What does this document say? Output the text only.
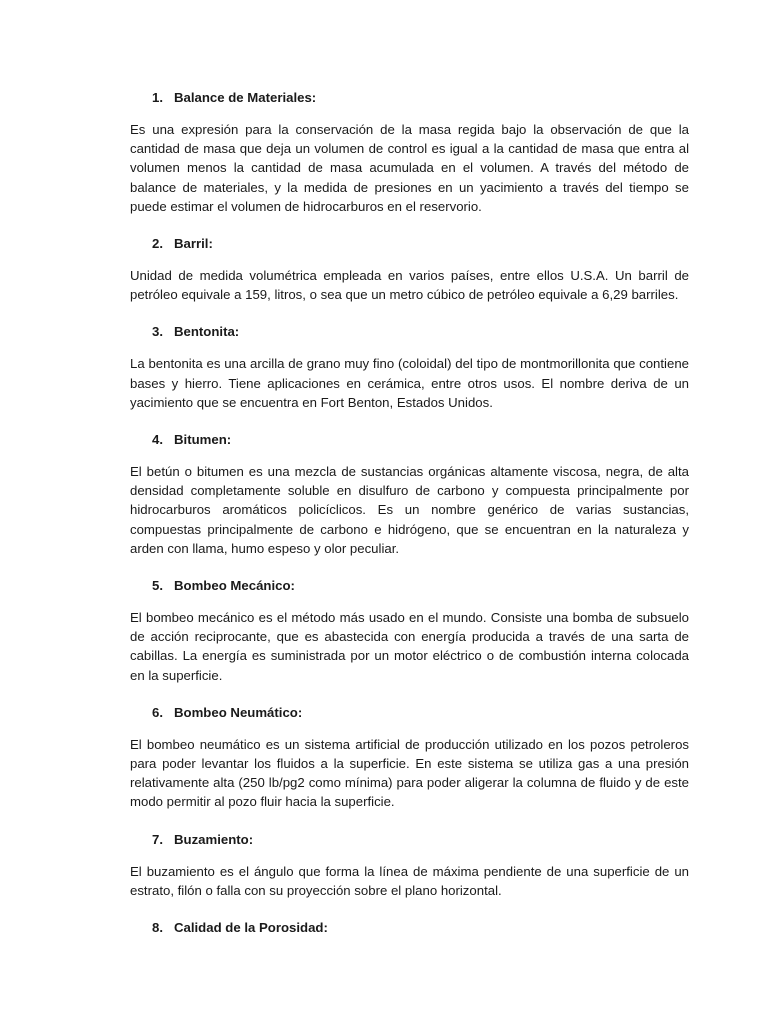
1. Balance de Materiales:

Es una expresión para la conservación de la masa regida bajo la observación de que la cantidad de masa que deja un volumen de control es igual a la cantidad de masa que entra al volumen menos la cantidad de masa acumulada en el volumen. A través del método de balance de materiales, y la medida de presiones en un yacimiento a través del tiempo se puede estimar el volumen de hidrocarburos en el reservorio.

2. Barril:

Unidad de medida volumétrica empleada en varios países, entre ellos U.S.A. Un barril de petróleo equivale a 159, litros, o sea que un metro cúbico de petróleo equivale a 6,29 barriles.

3. Bentonita:

La bentonita es una arcilla de grano muy fino (coloidal) del tipo de montmorillonita que contiene bases y hierro. Tiene aplicaciones en cerámica, entre otros usos. El nombre deriva de un yacimiento que se encuentra en Fort Benton, Estados Unidos.

4. Bitumen:

El betún o bitumen es una mezcla de sustancias orgánicas altamente viscosa, negra, de alta densidad completamente soluble en disulfuro de carbono y compuesta principalmente por hidrocarburos aromáticos policíclicos. Es un nombre genérico de varias sustancias, compuestas principalmente de carbono e hidrógeno, que se encuentran en la naturaleza y arden con llama, humo espeso y olor peculiar.

5. Bombeo Mecánico:

El bombeo mecánico es el método más usado en el mundo. Consiste una bomba de subsuelo de acción reciprocante, que es abastecida con energía producida a través de una sarta de cabillas. La energía es suministrada por un motor eléctrico o de combustión interna colocada en la superficie.

6. Bombeo Neumático:

El bombeo neumático es un sistema artificial de producción utilizado en los pozos petroleros para poder levantar los fluidos a la superficie. En este sistema se utiliza gas a una presión relativamente alta (250 lb/pg2 como mínima) para poder aligerar la columna de fluido y de este modo permitir al pozo fluir hacia la superficie.

7. Buzamiento:

El buzamiento es el ángulo que forma la línea de máxima pendiente de una superficie de un estrato, filón o falla con su proyección sobre el plano horizontal.

8. Calidad de la Porosidad:
